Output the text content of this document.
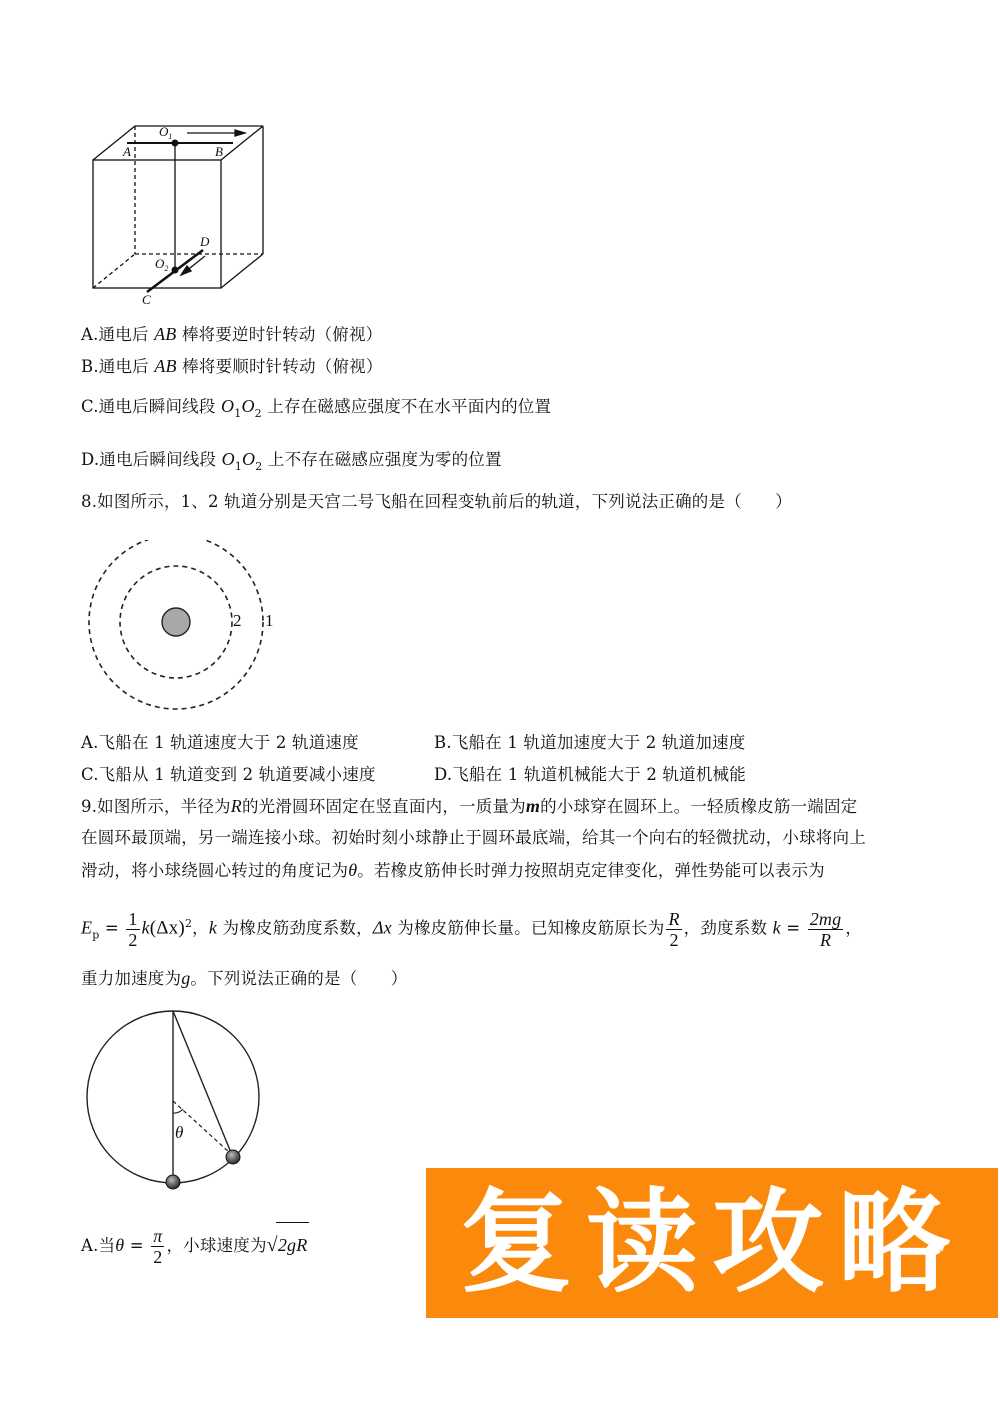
A	B
$O_1$
$O_2$
D
C
A.通电后 AB 棒将要逆时针转动（俯视）
B.通电后 AB 棒将要顺时针转动（俯视）
C.通电后瞬间线段 $O_1O_2$ 上存在磁感应强度不在水平面内的位置
D.通电后瞬间线段 $O_1O_2$ 上不存在磁感应强度为零的位置
8.如图所示，1、2 轨道分别是天宫二号飞船在回程变轨前后的轨道，下列说法正确的是（　　）
2 1
A.飞船在 1 轨道速度大于 2 轨道速度	B.飞船在 1 轨道加速度大于 2 轨道加速度
C.飞船从 1 轨道变到 2 轨道要减小速度	D.飞船在 1 轨道机械能大于 2 轨道机械能
9.如图所示，半径为R的光滑圆环固定在竖直面内，一质量为m的小球穿在圆环上。一轻质橡皮筋一端固定
在圆环最顶端，另一端连接小球。初始时刻小球静止于圆环最底端，给其一个向右的轻微扰动，小球将向上
滑动，将小球绕圆心转过的角度记为θ。若橡皮筋伸长时弹力按照胡克定律变化，弹性势能可以表示为
$E_p = \frac{1}{2} k(\Delta x)^2$，k 为橡皮筋劲度系数，Δx 为橡皮筋伸长量。已知橡皮筋原长为 $\frac{R}{2}$ ，劲度系数 $k = \frac{2mg}{R}$ ，
重力加速度为g。下列说法正确的是（　　）
θ
A.当$\theta = \frac{\pi}{2}$ ，小球速度为√2gR 复读攻略
